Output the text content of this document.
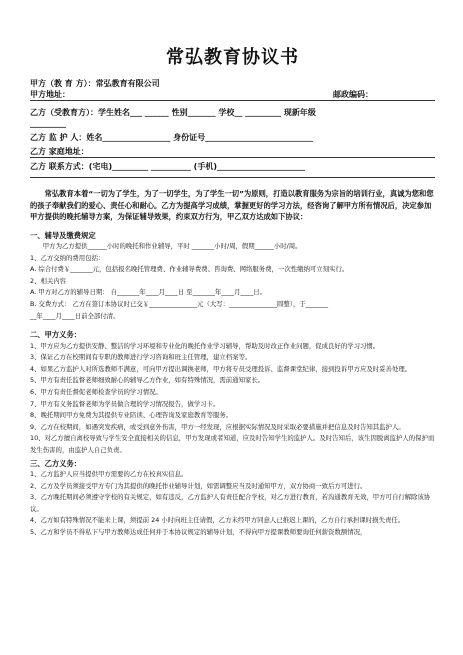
常弘教育协议书
甲方（教 育 方）：常弘教育有限公司
甲方地址：	邮政编码：
乙方（受教育方）：学生姓名___ ______ 性别_______ 学校__ _________ 现新年级
_________
乙方 监 护 人：姓名_________________ 身份证号___________________________
乙方 家庭地址：
乙方 联系方式：(宅电)_________ __________ (手机)______________________
常弘教育本着“一切为了学生，为了一切学生，为了学生一切”为原则，打造以教育服务为宗旨的培训行业，真诚为您和您的孩子奉献我们的爱心、责任心和耐心。乙方为提高学习成绩，掌握更好的学习方法，经咨询了解甲方所有情况后，决定参加甲方提供的晚托辅导方案，为保证辅导效果，约束双方行为，甲乙双方达成如下协议：
一、辅导及缴费规定
甲方为乙方提供______小时的晚托和作业辅导，平时 _______小时/周，假期______小时/周。
1、乙方交纳的费用包括：
A. 综合付费￥_______元，包括报名晚托管理费、作业辅导费费、咨询费、网络服务费，一次性缴纳可立刻实行。
2、相关内容
A. 甲方对乙方的辅导日期： 自_______年____月____日 至_______年____月____日。
B. 交费方式： 乙方在签订本协议时已交￥_______________元（大写：_______________圆整），于_______
__年____月____日前全部付清。
二、甲方义务：
1、甲方应为乙方提供安静、整洁的学习环境和专业化的晚托作业学习辅导，帮助及时改正作业问题，促成良好的学习习惯。
3、保证乙方在校期间有专职的教师进行学习咨询和班主任管理，建立档案等。
4、如果乙方监护人对所选教师不满意，可向甲方提出调换老师，甲方将专员受理投诉、监督课堂纪律，接到投诉甲方应及时妥善处理。
5、甲方有责任监督老师细致耐心的辅导乙方作业，如有特殊情况，需前通知家长。
6、甲方有责任督促老师检查学员的学习情况。
7、甲方有义务监督老师为学员做合理的学习情况报告，做学习卡。
8、晚托期间甲方免费为其提供专业陪读、心理咨询及家庭教育等服务。
9、乙方在校期间，如遇突发疾病，或受到意外伤害，甲方一经发现，应根据实际情况及时采取必要措施并把信息及时告知其监护人。
10、对乙方擅自离校导致与学生安全直接相关的信息，甲方发现或者知道，应及时告知学生的监护人。及时告知后，该生因脱离监护人的保护而发生伤害的，由监护人自己负责。
三、乙方义务：
1、乙方监护人应当提供甲方需要的乙方在校真实信息。
2、乙方及学员须接受甲方专门为其提供的晚托作业辅导计划，如需调整应当及时通知甲方，双方协商一致后方可进行。
3、乙方晚托期间必须遵守学校的有关规定，如有违反，乙方监护人有责任配合学校，对乙方进行教育，若沟通教育无效，甲方可自行解除该协议。
4、乙方如有特殊情况不能来上课，须提前 24 小时向班主任请假，乙方未经甲方同意人已推迟上课的，乙方自行承担课时损失责任。
5、乙方和学员不得私下与甲方教师达成任何并于本协议规定的辅导计划，不得向甲方提课教师要询任何薪资数额情况，
